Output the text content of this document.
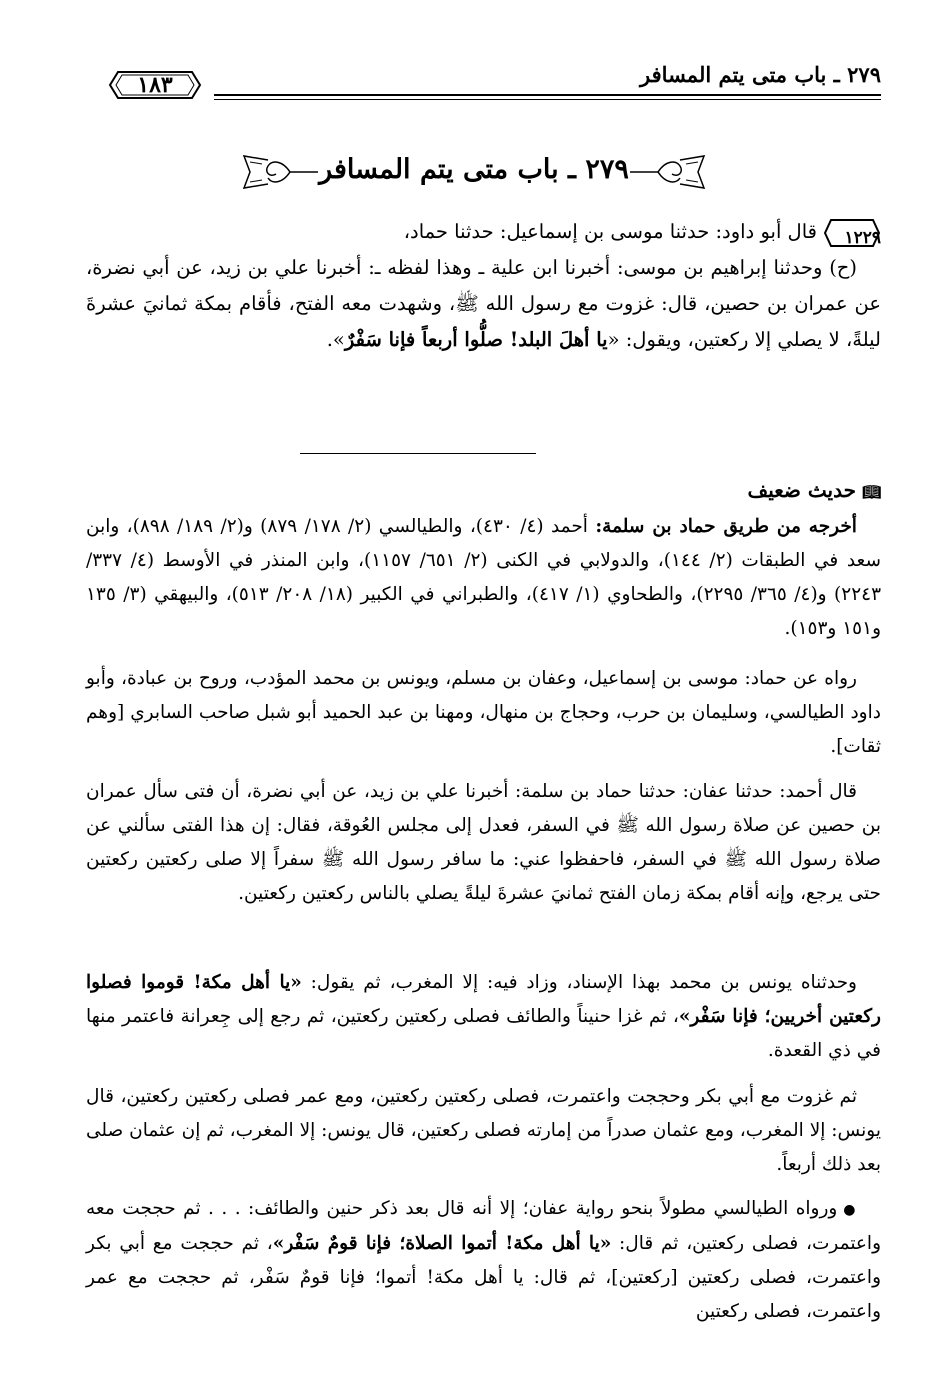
٢٧٩ ـ باب متى يتم المسافر
١٨٣
٢٧٩ ـ باب متى يتم المسافر
١٢٢٩
قال أبو داود: حدثنا موسى بن إسماعيل: حدثنا حماد،
(ح) وحدثنا إبراهيم بن موسى: أخبرنا ابن علية ـ وهذا لفظه ـ: أخبرنا علي بن زيد، عن أبي نضرة، عن عمران بن حصين، قال: غزوت مع رسول الله ﷺ، وشهدت معه الفتح، فأقام بمكة ثمانيَ عشرةَ ليلةً، لا يصلي إلا ركعتين، ويقول: «يا أهلَ البلد! صلُّوا أربعاً فإنا سَفْرٌ».
📖︎حديث ضعيف
أخرجه من طريق حماد بن سلمة: أحمد (٤/ ٤٣٠)، والطيالسي (٢/ ١٧٨/ ٨٧٩) و(٢/ ١٨٩/ ٨٩٨)، وابن سعد في الطبقات (٢/ ١٤٤)، والدولابي في الكنى (٢/ ٦٥١/ ١١٥٧)، وابن المنذر في الأوسط (٤/ ٣٣٧/ ٢٢٤٣) و(٤/ ٣٦٥/ ٢٢٩٥)، والطحاوي (١/ ٤١٧)، والطبراني في الكبير (١٨/ ٢٠٨/ ٥١٣)، والبيهقي (٣/ ١٣٥ و١٥١ و١٥٣).
رواه عن حماد: موسى بن إسماعيل، وعفان بن مسلم، ويونس بن محمد المؤدب، وروح بن عبادة، وأبو داود الطيالسي، وسليمان بن حرب، وحجاج بن منهال، ومهنا بن عبد الحميد أبو شبل صاحب السابري [وهم ثقات].
قال أحمد: حدثنا عفان: حدثنا حماد بن سلمة: أخبرنا علي بن زيد، عن أبي نضرة، أن فتى سأل عمران بن حصين عن صلاة رسول الله ﷺ في السفر، فعدل إلى مجلس العُوقة، فقال: إن هذا الفتى سألني عن صلاة رسول الله ﷺ في السفر، فاحفظوا عني: ما سافر رسول الله ﷺ سفراً إلا صلى ركعتين ركعتين حتى يرجع، وإنه أقام بمكة زمان الفتح ثمانيَ عشرةَ ليلةً يصلي بالناس ركعتين ركعتين.
وحدثناه يونس بن محمد بهذا الإسناد، وزاد فيه: إلا المغرب، ثم يقول: «يا أهل مكة! قوموا فصلوا ركعتين أخريين؛ فإنا سَفْر»، ثم غزا حنيناً والطائف فصلى ركعتين ركعتين، ثم رجع إلى جِعرانة فاعتمر منها في ذي القعدة.
ثم غزوت مع أبي بكر وحججت واعتمرت، فصلى ركعتين ركعتين، ومع عمر فصلى ركعتين ركعتين، قال يونس: إلا المغرب، ومع عثمان صدراً من إمارته فصلى ركعتين، قال يونس: إلا المغرب، ثم إن عثمان صلى بعد ذلك أربعاً.
● ورواه الطيالسي مطولاً بنحو رواية عفان؛ إلا أنه قال بعد ذكر حنين والطائف: . . . ثم حججت معه واعتمرت، فصلى ركعتين، ثم قال: «يا أهل مكة! أتموا الصلاة؛ فإنا قومٌ سَفْر»، ثم حججت مع أبي بكر واعتمرت، فصلى ركعتين [ركعتين]، ثم قال: يا أهل مكة! أتموا؛ فإنا قومٌ سَفْر، ثم حججت مع عمر واعتمرت، فصلى ركعتين
